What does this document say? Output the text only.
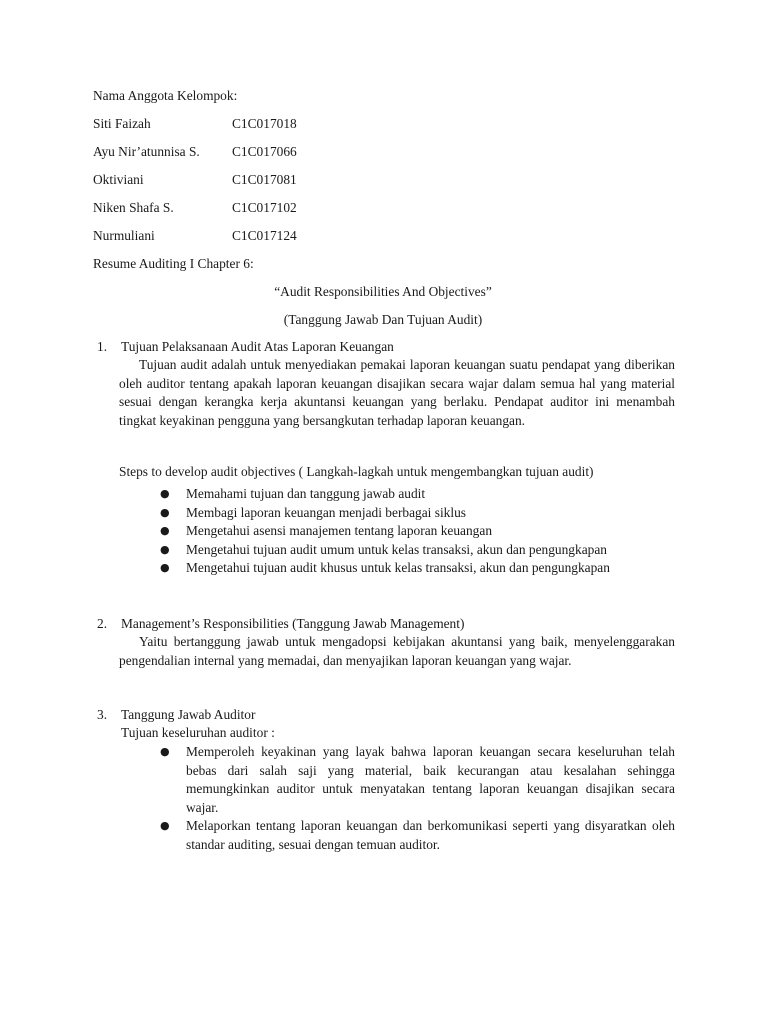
Nama Anggota Kelompok:
Siti Faizah	C1C017018
Ayu Nir’atunnisa S. C1C017066
Oktiviani	C1C017081
Niken Shafa S.	C1C017102
Nurmuliani	C1C017124
Resume Auditing I Chapter 6:
“Audit Responsibilities And Objectives”
(Tanggung Jawab Dan Tujuan Audit)
1. Tujuan Pelaksanaan Audit Atas Laporan Keuangan

Tujuan audit adalah untuk menyediakan pemakai laporan keuangan suatu pendapat yang diberikan oleh auditor tentang apakah laporan keuangan disajikan secara wajar dalam semua hal yang material sesuai dengan kerangka kerja akuntansi keuangan yang berlaku. Pendapat auditor ini menambah tingkat keyakinan pengguna yang bersangkutan terhadap laporan keuangan.

Steps to develop audit objectives ( Langkah-lagkah untuk mengembangkan tujuan audit)
●	Memahami tujuan dan tanggung jawab audit
●	Membagi laporan keuangan menjadi berbagai siklus
●	Mengetahui asensi manajemen tentang laporan keuangan
●	Mengetahui tujuan audit umum untuk kelas transaksi, akun dan pengungkapan
●	Mengetahui tujuan audit khusus untuk kelas transaksi, akun dan pengungkapan
2. Management’s Responsibilities (Tanggung Jawab Management)

Yaitu bertanggung jawab untuk mengadopsi kebijakan akuntansi yang baik, menyelenggarakan pengendalian internal yang memadai, dan menyajikan laporan keuangan yang wajar.

3. Tanggung Jawab Auditor
Tujuan keseluruhan auditor :
●	Memperoleh keyakinan yang layak bahwa laporan keuangan secara keseluruhan telah bebas dari salah saji yang material, baik kecurangan atau kesalahan sehingga memungkinkan auditor untuk menyatakan tentang laporan keuangan disajikan secara wajar.
●	Melaporkan tentang laporan keuangan dan berkomunikasi seperti yang disyaratkan oleh standar auditing, sesuai dengan temuan auditor.
